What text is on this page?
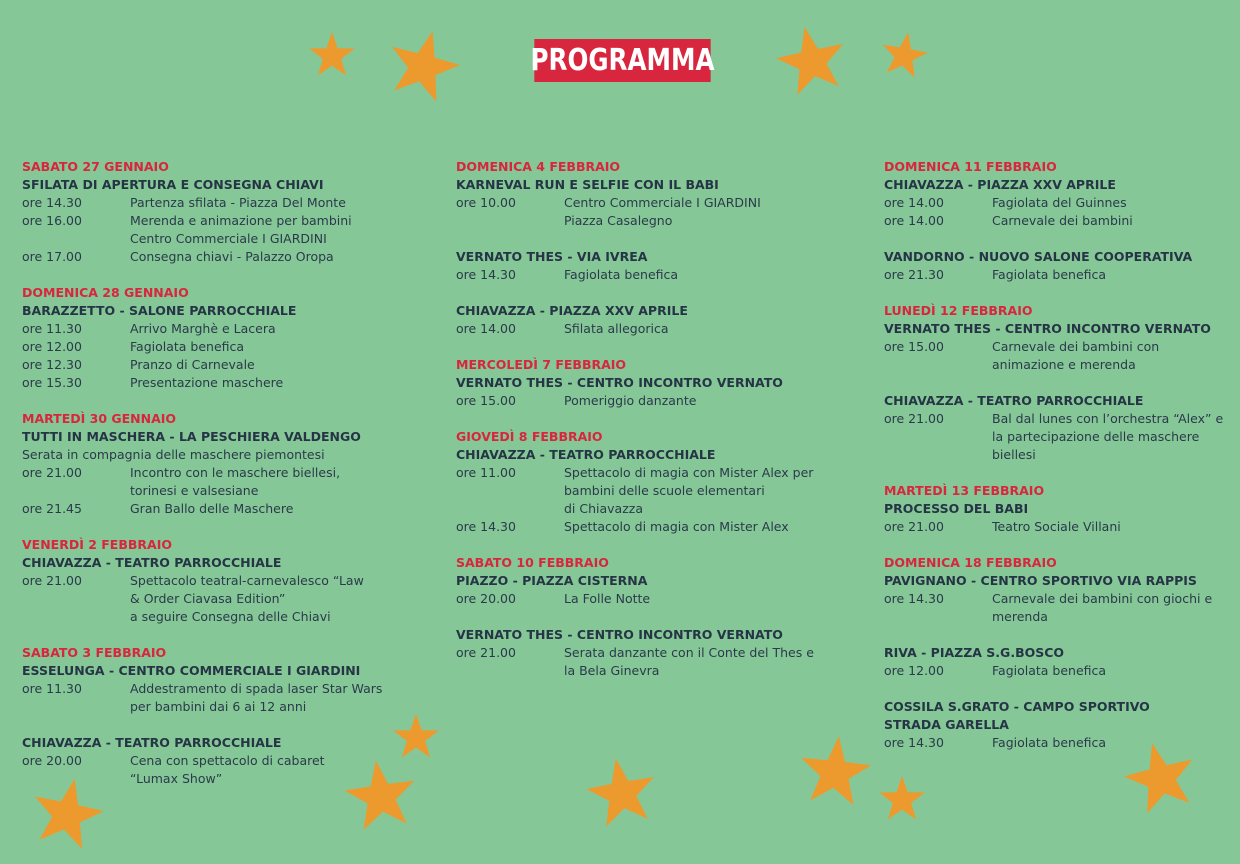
PROGRAMMA
SABATO 27 GENNAIO
SFILATA DI APERTURA E CONSEGNA CHIAVI
ore 14.30	Partenza sfilata - Piazza Del Monte
ore 16.00	Merenda e animazione per bambini
Centro Commerciale I GIARDINI
ore 17.00	Consegna chiavi - Palazzo Oropa
DOMENICA 28 GENNAIO
BARAZZETTO - SALONE PARROCCHIALE
ore 11.30	Arrivo Marghè e Lacera
ore 12.00	Fagiolata benefica
ore 12.30	Pranzo di Carnevale
ore 15.30	Presentazione maschere
MARTEDÌ 30 GENNAIO
TUTTI IN MASCHERA - LA PESCHIERA VALDENGO
Serata in compagnia delle maschere piemontesi
ore 21.00	Incontro con le maschere biellesi,
torinesi e valsesiane
ore 21.45	Gran Ballo delle Maschere
VENERDÌ 2 FEBBRAIO
CHIAVAZZA - TEATRO PARROCCHIALE
ore 21.00	Spettacolo teatral-carnevalesco “Law
& Order Ciavasa Edition”
a seguire Consegna delle Chiavi
SABATO 3 FEBBRAIO
ESSELUNGA - CENTRO COMMERCIALE I GIARDINI
ore 11.30	Addestramento di spada laser Star Wars
per bambini dai 6 ai 12 anni
CHIAVAZZA - TEATRO PARROCCHIALE
ore 20.00	Cena con spettacolo di cabaret
“Lumax Show”
DOMENICA 4 FEBBRAIO
KARNEVAL RUN E SELFIE CON IL BABI
ore 10.00	Centro Commerciale I GIARDINI
Piazza Casalegno
VERNATO THES - VIA IVREA
ore 14.30	Fagiolata benefica
CHIAVAZZA - PIAZZA XXV APRILE
ore 14.00	Sfilata allegorica
MERCOLEDÌ 7 FEBBRAIO
VERNATO THES - CENTRO INCONTRO VERNATO
ore 15.00	Pomeriggio danzante
GIOVEDÌ 8 FEBBRAIO
CHIAVAZZA - TEATRO PARROCCHIALE
ore 11.00	Spettacolo di magia con Mister Alex per
bambini delle scuole elementari
di Chiavazza
ore 14.30	Spettacolo di magia con Mister Alex
SABATO 10 FEBBRAIO
PIAZZO - PIAZZA CISTERNA
ore 20.00	La Folle Notte
VERNATO THES - CENTRO INCONTRO VERNATO
ore 21.00	Serata danzante con il Conte del Thes e
la Bela Ginevra
DOMENICA 11 FEBBRAIO
CHIAVAZZA - PIAZZA XXV APRILE
ore 14.00	Fagiolata del Guinnes
ore 14.00	Carnevale dei bambini
VANDORNO - NUOVO SALONE COOPERATIVA
ore 21.30	Fagiolata benefica
LUNEDÌ 12 FEBBRAIO
VERNATO THES - CENTRO INCONTRO VERNATO
ore 15.00	Carnevale dei bambini con
animazione e merenda
CHIAVAZZA - TEATRO PARROCCHIALE
ore 21.00	Bal dal lunes con l’orchestra “Alex” e
la partecipazione delle maschere
biellesi
MARTEDÌ 13 FEBBRAIO
PROCESSO DEL BABI
ore 21.00	Teatro Sociale Villani
DOMENICA 18 FEBBRAIO
PAVIGNANO - CENTRO SPORTIVO VIA RAPPIS
ore 14.30	Carnevale dei bambini con giochi e
merenda
RIVA - PIAZZA S.G.BOSCO
ore 12.00	Fagiolata benefica
COSSILA S.GRATO - CAMPO SPORTIVO
STRADA GARELLA
ore 14.30	Fagiolata benefica
